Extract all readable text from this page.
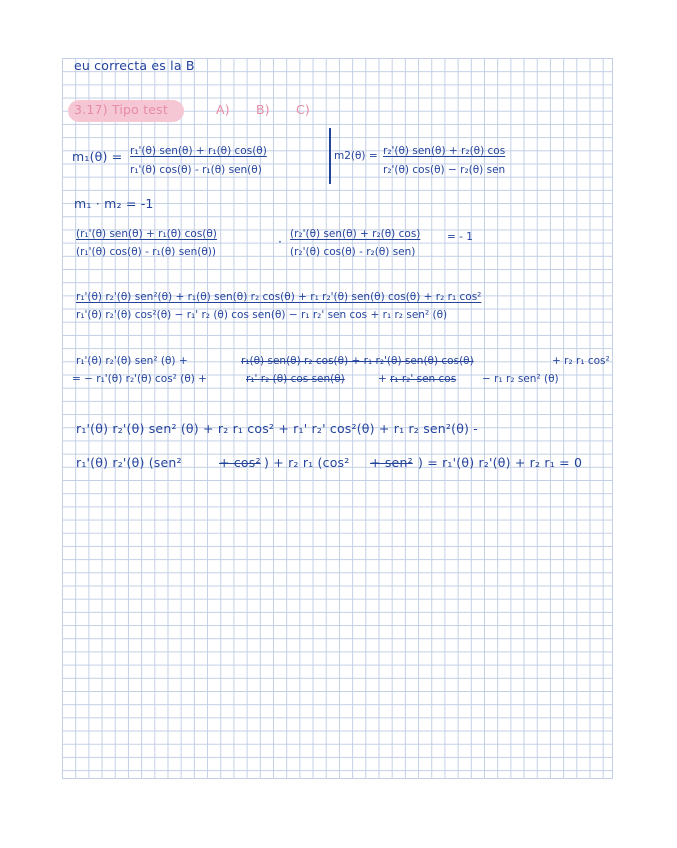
eu correcta es la B
3.17) Tipo test	A) B) C)
m₁(θ) = r₁'(θ) sen(θ) + r₁(θ) cos(θ)
r₁'(θ) cos(θ) - r₁(θ) sen(θ)
m2(θ) = r₂'(θ) sen(θ) + r₂(θ) cos
r₂'(θ) cos(θ) − r₂(θ) sen
m₁ · m₂ = -1
(r₁'(θ) sen(θ) + r₁(θ) cos(θ)
(r₁'(θ) cos(θ) - r₁(θ) sen(θ))
· (r₂'(θ) sen(θ) + r₂(θ) cos)
(r₂'(θ) cos(θ) - r₂(θ) sen)
= - 1
r₁'(θ) r₂'(θ) sen²(θ) + r₁(θ) sen(θ) r₂ cos(θ) + r₁ r₂'(θ) sen(θ) cos(θ) + r₂ r₁ cos²
r₁'(θ) r₂'(θ) cos²(θ) − r₁' r₂ (θ) cos sen(θ) − r₁ r₂' sen cos + r₁ r₂ sen² (θ)
r₁'(θ) r₂'(θ) sen² (θ) +	r₁(θ) sen(θ) r₂ cos(θ) + r₁ r₂'(θ) sen(θ) cos(θ)	+ r₂ r₁ cos²
= − r₁'(θ) r₂'(θ) cos² (θ) +	r₁' r₂ (θ) cos sen(θ)	+ r₁ r₂' sen cos − r₁ r₂ sen² (θ)
r₁'(θ) r₂'(θ) sen² (θ) + r₂ r₁ cos² + r₁' r₂' cos²(θ) + r₁ r₂ sen²(θ) -
r₁'(θ) r₂'(θ) (sen²	+ cos² ) + r₂ r₁ (cos² + sen² ) = r₁'(θ) r₂'(θ) + r₂ r₁ = 0
